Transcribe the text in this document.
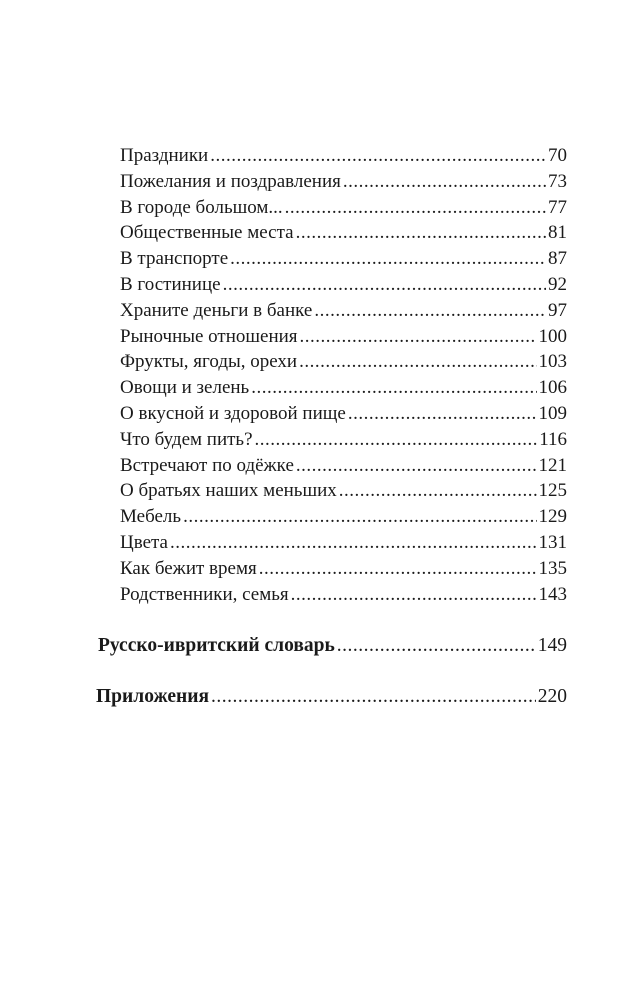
Праздники .....	70
Пожелания и поздравления .....	73
В городе большом... .....	77
Общественные места .....	81
В транспорте .....	87
В гостинице .....	92
Храните деньги в банке .....	97
Рыночные отношения .....	100
Фрукты, ягоды, орехи .....	103
Овощи и зелень .....	106
О вкусной и здоровой пище .....	109
Что будем пить? .....	116
Встречают по одёжке .....	121
О братьях наших меньших .....	125
Мебель .....	129
Цвета .....	131
Как бежит время .....	135
Родственники, семья .....	143
Русско-ивритский словарь .....	149
Приложения .....	220
